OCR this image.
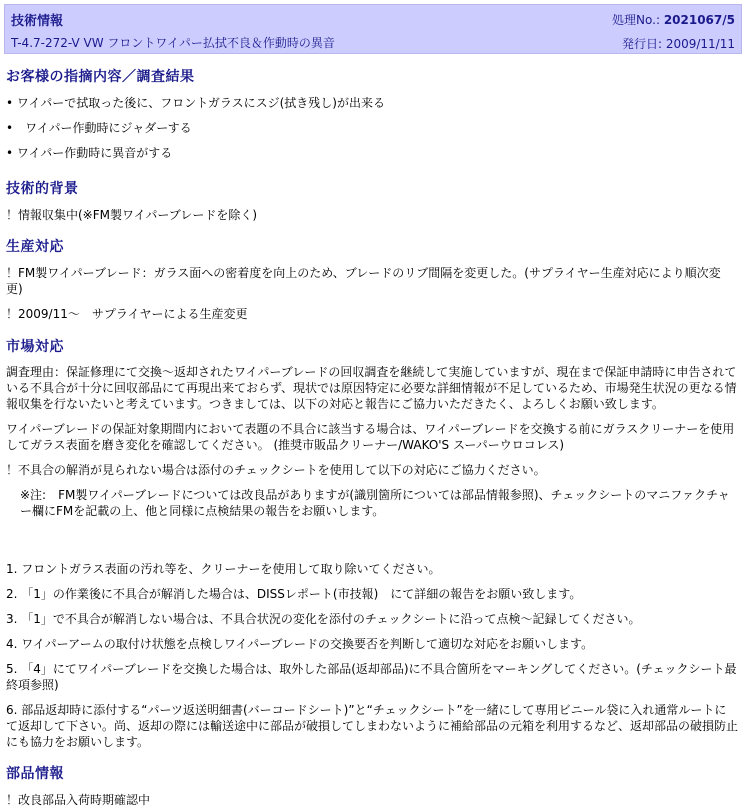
技術情報	処理No.: 2021067/5
T-4.7-272-V VW フロントワイパー払拭不良＆作動時の異音	発行日: 2009/11/11
お客様の指摘内容／調査結果

• ワイパーで拭取った後に、フロントガラスにスジ(拭き残し)が出来る

•　ワイパー作動時にジャダーする

• ワイパー作動時に異音がする

技術的背景

！情報収集中(※FM製ワイパーブレードを除く)

生産対応

！FM製ワイパーブレード：ガラス面への密着度を向上のため、ブレードのリブ間隔を変更した。(サプライヤー生産対応により順次変更)

！2009/11～　サプライヤーによる生産変更

市場対応

調査理由：保証修理にて交換～返却されたワイパーブレードの回収調査を継続して実施していますが、現在まで保証申請時に申告されている不具合が十分に回収部品にて再現出来ておらず、現状では原因特定に必要な詳細情報が不足しているため、市場発生状況の更なる情報収集を行ないたいと考えています。つきましては、以下の対応と報告にご協力いただきたく、よろしくお願い致します。

ワイパーブレードの保証対象期間内において表題の不具合に該当する場合は、ワイパーブレードを交換する前にガラスクリーナーを使用してガラス表面を磨き変化を確認してください。 (推奨市販品クリーナー/WAKO'S スーパーウロコレス)

！不具合の解消が見られない場合は添付のチェックシートを使用して以下の対応にご協力ください。

※注:　FM製ワイパーブレードについては改良品がありますが(識別箇所については部品情報参照)、チェックシートのマニファクチャー欄にFMを記載の上、他と同様に点検結果の報告をお願いします。

1. フロントガラス表面の汚れ等を、クリーナーを使用して取り除いてください。

2. 「1」の作業後に不具合が解消した場合は、DISSレポート(市技報)　にて詳細の報告をお願い致します。

3. 「1」で不具合が解消しない場合は、不具合状況の変化を添付のチェックシートに沿って点検～記録してください。

4. ワイパーアームの取付け状態を点検しワイパーブレードの交換要否を判断して適切な対応をお願いします。

5. 「4」にてワイパーブレードを交換した場合は、取外した部品(返却部品)に不具合箇所をマーキングしてください。(チェックシート最終項参照)

6. 部品返却時に添付する“パーツ返送明細書(バーコードシート)”と“チェックシート”を一緒にして専用ビニール袋に入れ通常ルートにて返却して下さい。尚、返却の際には輸送途中に部品が破損してしまわないように補給部品の元箱を利用するなど、返却部品の破損防止にも協力をお願いします。

部品情報

！改良部品入荷時期確認中
